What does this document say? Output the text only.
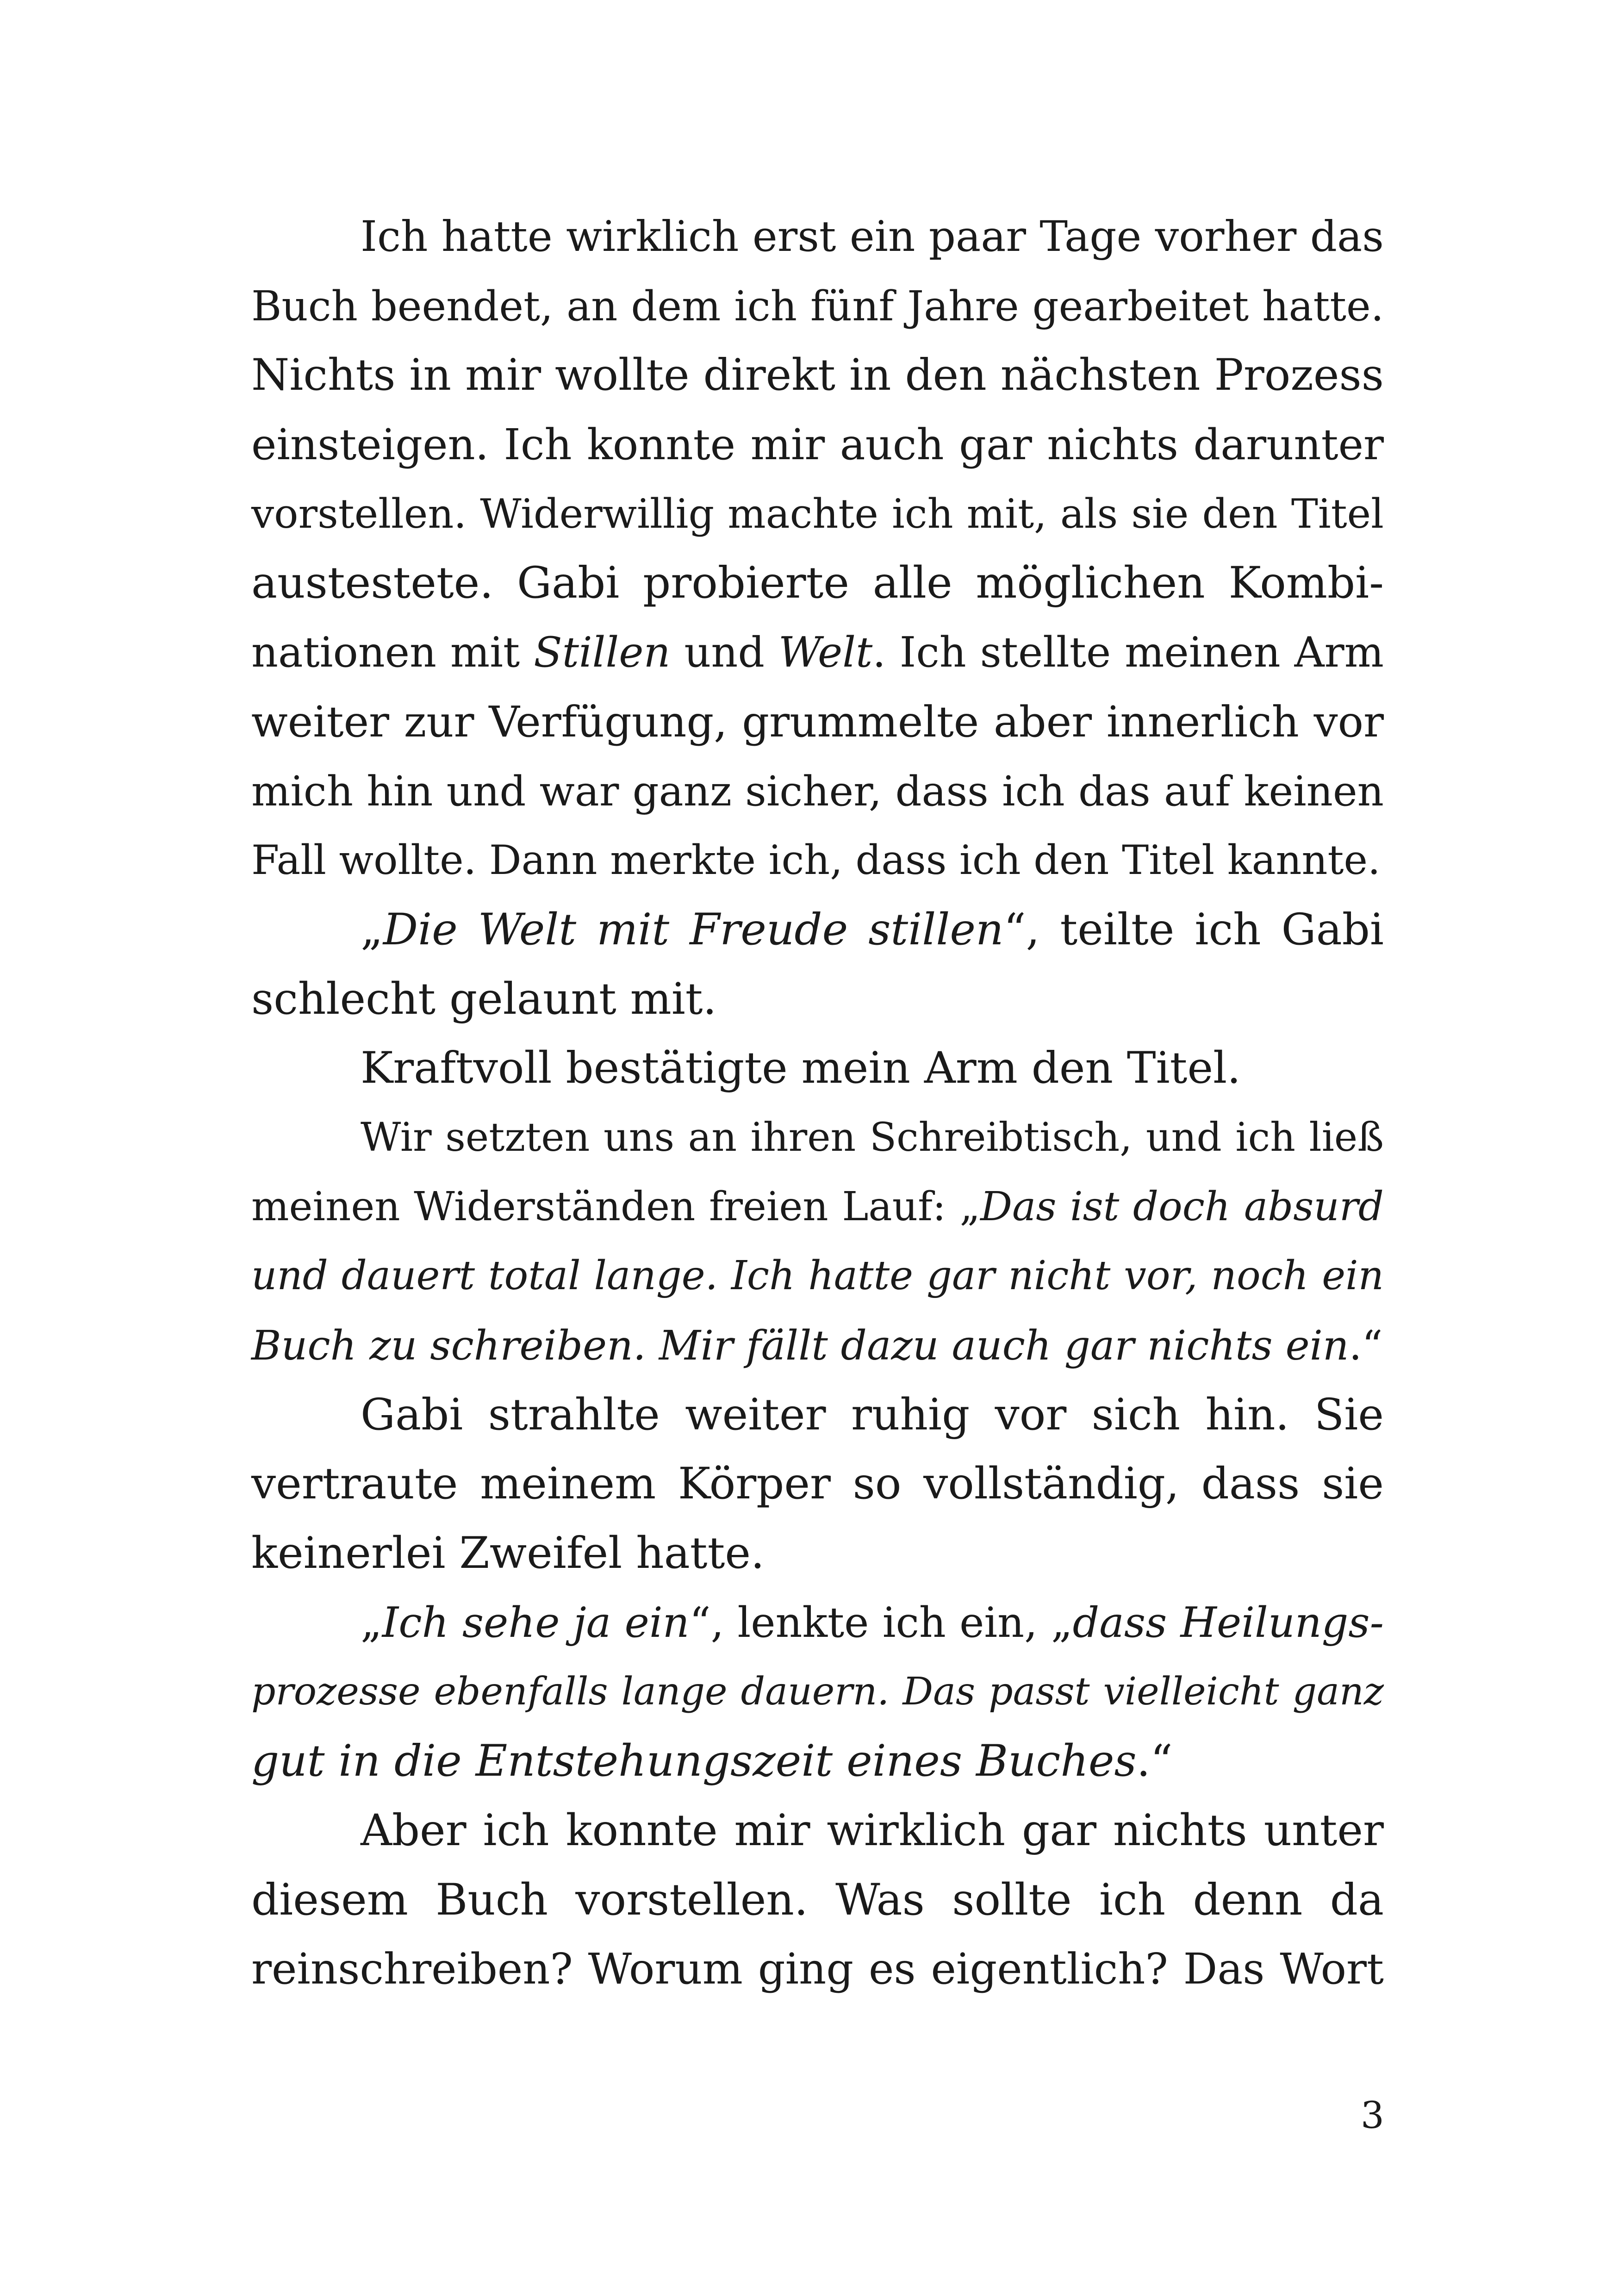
Ich hatte wirklich erst ein paar Tage vorher das
Buch beendet, an dem ich fünf Jahre gearbeitet hatte.
Nichts in mir wollte direkt in den nächsten Prozess
einsteigen. Ich konnte mir auch gar nichts darunter
vorstellen. Widerwillig machte ich mit, als sie den Titel
austestete. Gabi probierte alle möglichen Kombi-
nationen mit Stillen und Welt. Ich stellte meinen Arm
weiter zur Verfügung, grummelte aber innerlich vor
mich hin und war ganz sicher, dass ich das auf keinen
Fall wollte. Dann merkte ich, dass ich den Titel kannte.
„Die Welt mit Freude stillen“, teilte ich Gabi
schlecht gelaunt mit.
Kraftvoll bestätigte mein Arm den Titel.
Wir setzten uns an ihren Schreibtisch, und ich ließ
meinen Widerständen freien Lauf: „Das ist doch absurd
und dauert total lange. Ich hatte gar nicht vor, noch ein
Buch zu schreiben. Mir fällt dazu auch gar nichts ein.“
Gabi strahlte weiter ruhig vor sich hin. Sie
vertraute meinem Körper so vollständig, dass sie
keinerlei Zweifel hatte.
„Ich sehe ja ein“, lenkte ich ein, „dass Heilungs-
prozesse ebenfalls lange dauern. Das passt vielleicht ganz
gut in die Entstehungszeit eines Buches.“
Aber ich konnte mir wirklich gar nichts unter
diesem Buch vorstellen. Was sollte ich denn da
reinschreiben? Worum ging es eigentlich? Das Wort
3
